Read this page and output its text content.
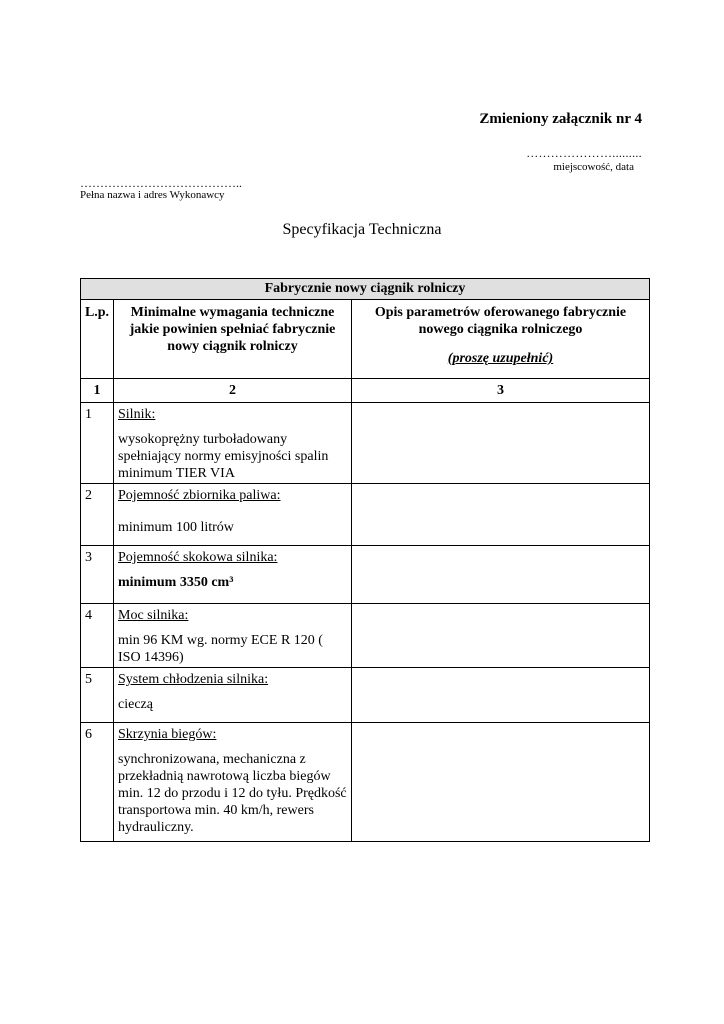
Zmieniony załącznik nr 4
………………….........
miejscowość, data
…………………………………..
Pełna nazwa i adres Wykonawcy
Specyfikacja Techniczna
Fabrycznie nowy ciągnik rolniczy		
L.p.	Minimalne wymagania techniczne jakie powinien spełniać fabrycznie nowy ciągnik rolniczy	Opis parametrów oferowanego fabrycznie nowego ciągnika rolniczego
(proszę uzupełnić)

1	2	3
1	Silnik:
wysokoprężny turboładowany spełniający normy emisyjności spalin minimum TIER VIA	

2	Pojemność zbiornika paliwa:
minimum 100 litrów	

3	Pojemność skokowa silnika:
minimum 3350 cm³	

4	Moc silnika:
min 96 KM wg. normy ECE R 120 ( ISO 14396)	

5	System chłodzenia silnika:
cieczą	

6	Skrzynia biegów:
synchronizowana, mechaniczna z przekładnią nawrotową liczba biegów min. 12 do przodu i 12 do tyłu. Prędkość transportowa min. 40 km/h, rewers hydrauliczny.	
